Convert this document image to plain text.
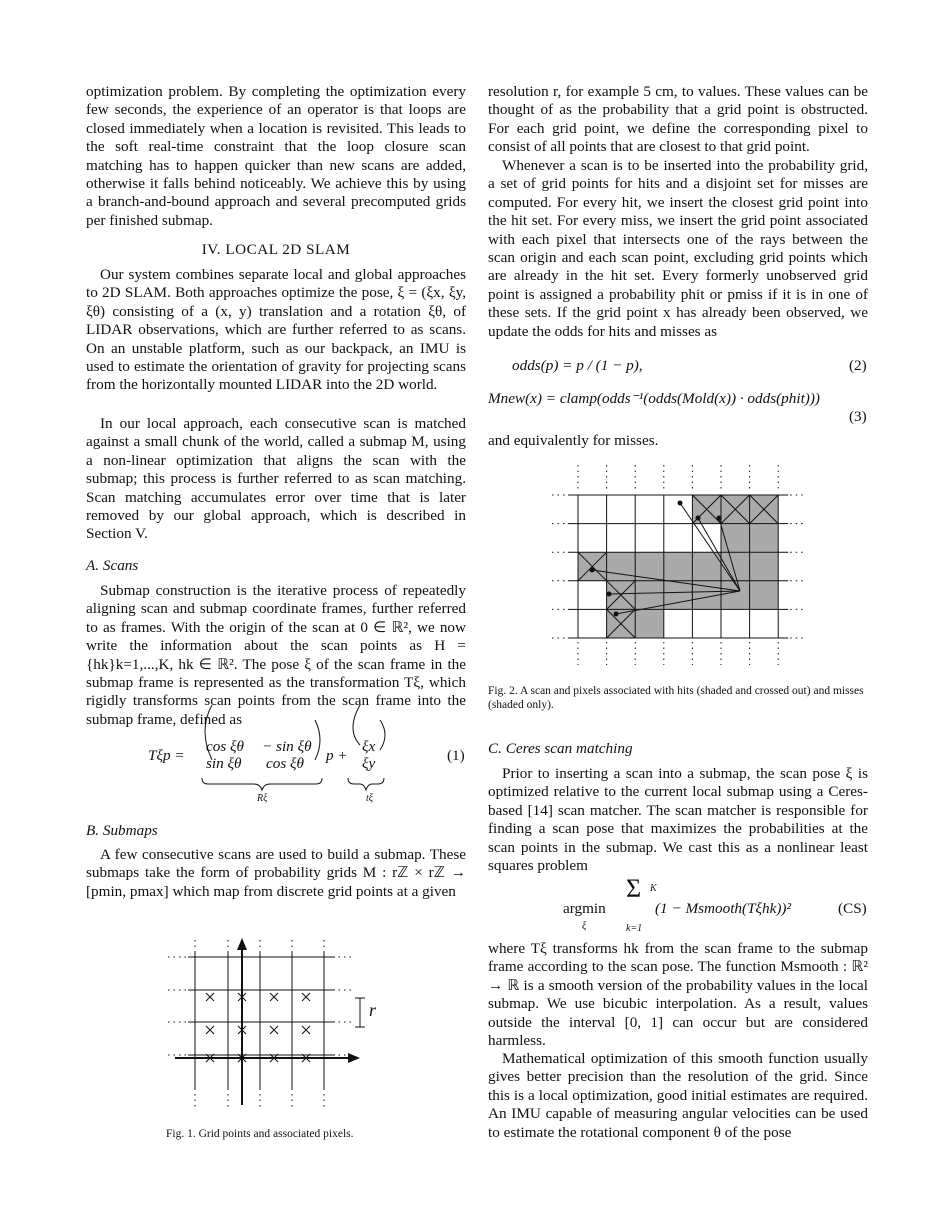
optimization problem. By completing the optimization every few seconds, the experience of an operator is that loops are closed immediately when a location is revisited. This leads to the soft real-time constraint that the loop closure scan matching has to happen quicker than new scans are added, otherwise it falls behind noticeably. We achieve this by using a branch-and-bound approach and several precomputed grids per finished submap.
IV. LOCAL 2D SLAM
Our system combines separate local and global approaches to 2D SLAM. Both approaches optimize the pose, ξ = (ξx, ξy, ξθ) consisting of a (x, y) translation and a rotation ξθ, of LIDAR observations, which are further referred to as scans. On an unstable platform, such as our backpack, an IMU is used to estimate the orientation of gravity for projecting scans from the horizontally mounted LIDAR into the 2D world.
In our local approach, each consecutive scan is matched against a small chunk of the world, called a submap M, using a non-linear optimization that aligns the scan with the submap; this process is further referred to as scan matching. Scan matching accumulates error over time that is later removed by our global approach, which is described in Section V.
A. Scans
Submap construction is the iterative process of repeatedly aligning scan and submap coordinate frames, further referred to as frames. With the origin of the scan at 0 ∈ ℝ², we now write the information about the scan points as H = {hk}k=1,...,K, hk ∈ ℝ². The pose ξ of the scan frame in the submap frame is represented as the transformation Tξ, which rigidly transforms scan points from the scan frame into the submap frame, defined as
Tξp =
cos ξθ − sin ξθ
sin ξθ cos ξθ p +
ξx
ξy
Rξ	tξ
(1)
B. Submaps
A few consecutive scans are used to build a submap. These submaps take the form of probability grids M : rℤ × rℤ → [pmin, pmax] which map from discrete grid points at a given
r
Fig. 1. Grid points and associated pixels.
resolution r, for example 5 cm, to values. These values can be thought of as the probability that a grid point is obstructed. For each grid point, we define the corresponding pixel to consist of all points that are closest to that grid point.
Whenever a scan is to be inserted into the probability grid, a set of grid points for hits and a disjoint set for misses are computed. For every hit, we insert the closest grid point into the hit set. For every miss, we insert the grid point associated with each pixel that intersects one of the rays between the scan origin and each scan point, excluding grid points which are already in the hit set. Every formerly unobserved grid point is assigned a probability phit or pmiss if it is in one of these sets. If the grid point x has already been observed, we update the odds for hits and misses as
odds(p) = p / (1 − p),	(2)
Mnew(x) = clamp(odds⁻¹(odds(Mold(x)) · odds(phit)))
(3)
and equivalently for misses.
Fig. 2. A scan and pixels associated with hits (shaded and crossed out) and misses (shaded only).
C. Ceres scan matching
Prior to inserting a scan into a submap, the scan pose ξ is optimized relative to the current local submap using a Ceres-based [14] scan matcher. The scan matcher is responsible for finding a scan pose that maximizes the probabilities at the scan points in the submap. We cast this as a nonlinear least squares problem
argmin
ξ
Σ K
k=1
(1 − Msmooth(Tξhk))²	(CS)
where Tξ transforms hk from the scan frame to the submap frame according to the scan pose. The function Msmooth : ℝ² → ℝ is a smooth version of the probability values in the local submap. We use bicubic interpolation. As a result, values outside the interval [0, 1] can occur but are considered harmless.
Mathematical optimization of this smooth function usually gives better precision than the resolution of the grid. Since this is a local optimization, good initial estimates are required. An IMU capable of measuring angular velocities can be used to estimate the rotational component θ of the pose
